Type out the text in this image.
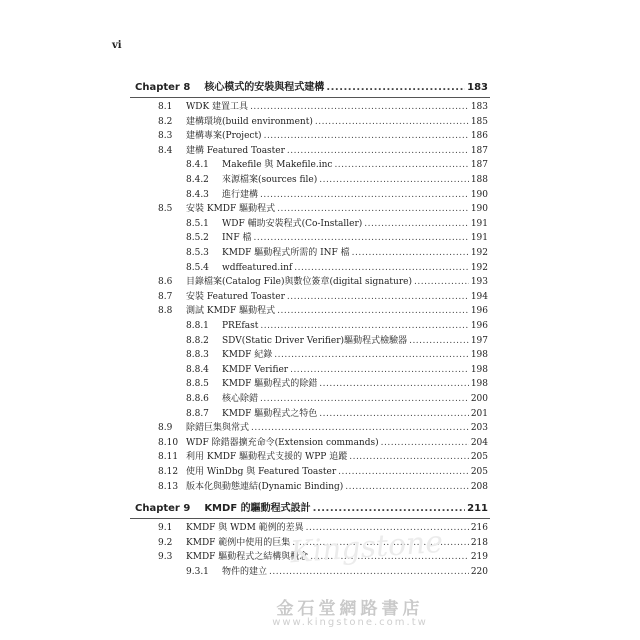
vi
Chapter 8 核心模式的安裝與程式建構 .....	183
8.1 WDK 建置工具 .....	183
8.2 建構環境(build environment) .....	185
8.3 建構專案(Project) .....	186
8.4 建構 Featured Toaster .....	187
8.4.1 Makefile 與 Makefile.inc .....	187
8.4.2 來源檔案(sources file) .....	188
8.4.3 進行建構 .....	190
8.5 安裝 KMDF 驅動程式 .....	190
8.5.1 WDF 輔助安裝程式(Co-Installer) .....	191
8.5.2 INF 檔 .....	191
8.5.3 KMDF 驅動程式所需的 INF 檔 .....	192
8.5.4 wdffeatured.inf .....	192
8.6 目錄檔案(Catalog File)與數位簽章(digital signature) .....	193
8.7 安裝 Featured Toaster .....	194
8.8 測試 KMDF 驅動程式 .....	196
8.8.1 PREfast .....	196
8.8.2 SDV(Static Driver Verifier)驅動程式檢驗器 .....	197
8.8.3 KMDF 紀錄 .....	198
8.8.4 KMDF Verifier .....	198
8.8.5 KMDF 驅動程式的除錯 .....	198
8.8.6 核心除錯 .....	200
8.8.7 KMDF 驅動程式之特色 .....	201
8.9 除錯巨集與常式 .....	203
8.10 WDF 除錯器擴充命令(Extension commands) .....	204
8.11 利用 KMDF 驅動程式支援的 WPP 追蹤 .....	205
8.12 使用 WinDbg 與 Featured Toaster .....	205
8.13 版本化與動態連結(Dynamic Binding) .....	208
Chapter 9 KMDF 的驅動程式設計 .....	211
9.1 KMDF 與 WDM 範例的差異 .....	216
9.2 KMDF 範例中使用的巨集 .....	218
9.3 KMDF 驅動程式之結構與概念 .....	219
9.3.1 物件的建立 .....	220
Kingstone
金石堂網路書店
www.kingstone.com.tw
